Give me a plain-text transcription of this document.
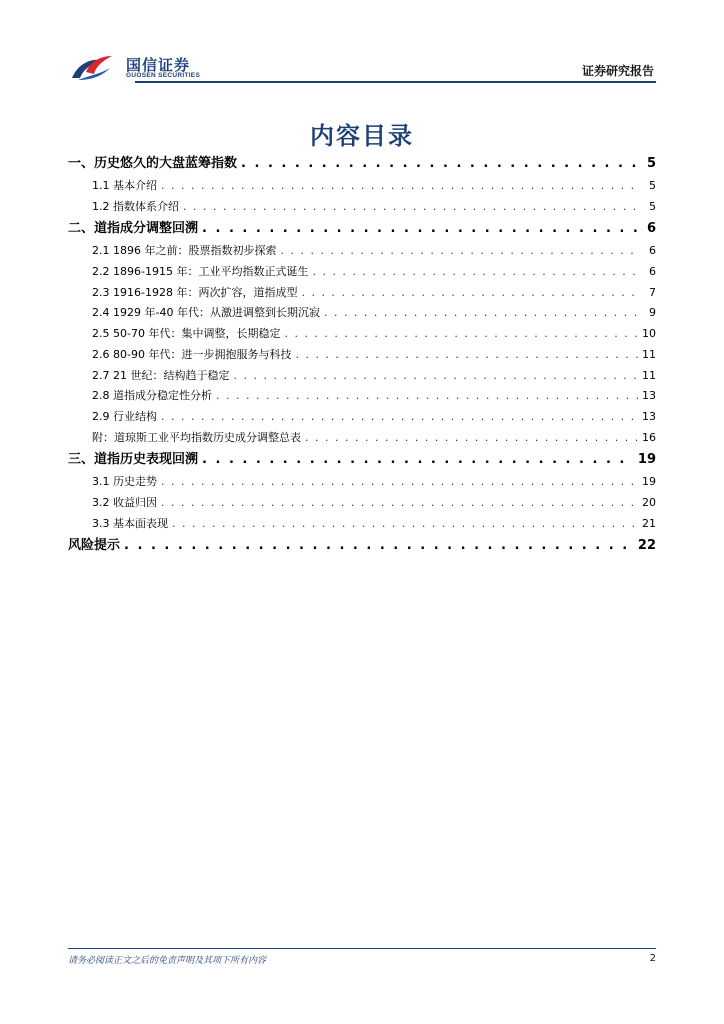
国信证券
GUOSEN SECURITIES	证券研究报告
内容目录
一、历史悠久的大盘蓝筹指数 . . .	5
1.1 基本介绍 . . .	5
1.2 指数体系介绍 . . .	5
二、道指成分调整回溯 . . .	6
2.1 1896 年之前：股票指数初步探索 . . .	6
2.2 1896-1915 年：工业平均指数正式诞生 . . .	6
2.3 1916-1928 年：两次扩容，道指成型 . . .	7
2.4 1929 年-40 年代：从激进调整到长期沉寂 . . .	9
2.5 50-70 年代：集中调整，长期稳定 . . .	10
2.6 80-90 年代：进一步拥抱服务与科技 . . .	11
2.7 21 世纪：结构趋于稳定 . . .	11
2.8 道指成分稳定性分析 . . .	13
2.9 行业结构 . . .	13
附：道琼斯工业平均指数历史成分调整总表 . . .	16
三、道指历史表现回溯 . . .	19
3.1 历史走势 . . .	19
3.2 收益归因 . . .	20
3.3 基本面表现 . . .	21
风险提示 . . .	22
请务必阅读正文之后的免责声明及其项下所有内容	2
